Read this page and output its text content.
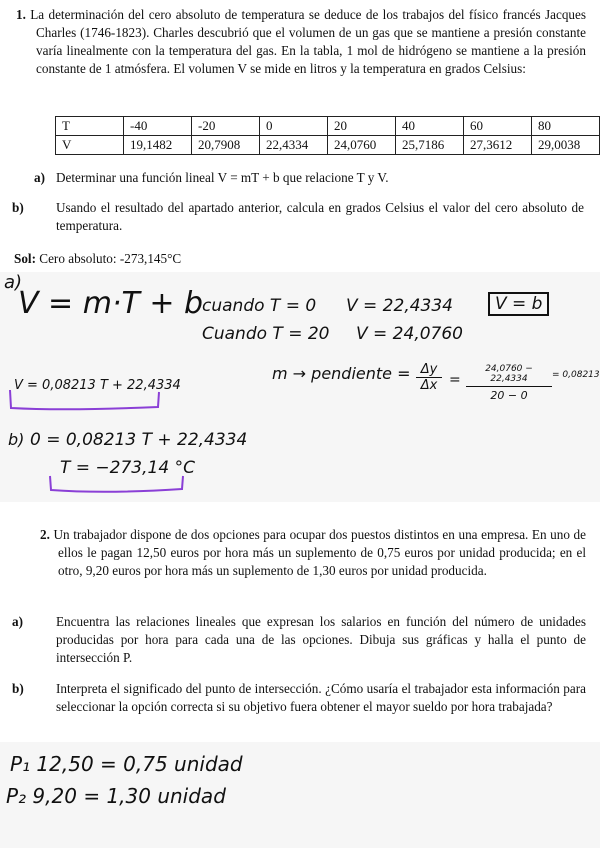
1. La determinación del cero absoluto de temperatura se deduce de los trabajos del físico francés Jacques Charles (1746-1823). Charles descubrió que el volumen de un gas que se mantiene a presión constante varía linealmente con la temperatura del gas. En la tabla, 1 mol de hidrógeno se mantiene a la presión constante de 1 atmósfera. El volumen V se mide en litros y la temperatura en grados Celsius:

T	-40	-20	0	20	40	60	80
V	19,1482	20,7908	22,4334	24,0760	25,7186	27,3612	29,0038
a) Determinar una función lineal V = mT + b que relacione T y V.
b) Usando el resultado del apartado anterior, calcula en grados Celsius el valor del cero absoluto de temperatura.
Sol: Cero absoluto: -273,145°C
a)
V = m·T + b
cuando T = 0 V = 22,4334	V = b
Cuando T = 20 V = 24,0760
m → pendiente = $\frac{\Delta y}{\Delta x}$ =
24,0760 − 22,4334
20 − 0
= 0,08213
V = 0,08213 T + 22,4334
b) 0 = 0,08213 T + 22,4334
T = −273,14 °C

2. Un trabajador dispone de dos opciones para ocupar dos puestos distintos en una empresa. En uno de ellos le pagan 12,50 euros por hora más un suplemento de 0,75 euros por unidad producida; en el otro, 9,20 euros por hora más un suplemento de 1,30 euros por unidad producida.

a)	Encuentra las relaciones lineales que expresan los salarios en función del número de unidades producidas por hora para cada una de las opciones. Dibuja sus gráficas y halla el punto de intersección P.
b) Interpreta el significado del punto de intersección. ¿Cómo usaría el trabajador esta información para seleccionar la opción correcta si su objetivo fuera obtener el mayor sueldo por hora trabajada?
P₁ 12,50 = 0,75 unidad
P₂ 9,20 = 1,30 unidad
